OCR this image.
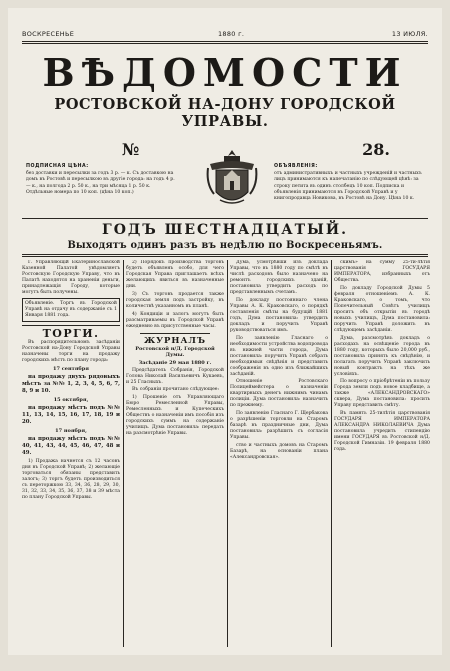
ВОСКРЕСЕНЬЕ	1880 г.	13 ИЮЛЯ.
ВѢДОМОСТИ
РОСТОВСКОЙ НА-ДОНУ ГОРОДСКОЙ УПРАВЫ.
№	28.
ПОДПИСНАЯ ЦѢНА:
без доставки и пересылки за годъ 3 р. — к. Съ доставкою на домъ въ Ростовѣ и пересылкою въ другіе города: на годъ 4 р. — к., на полгода 2 р. 50 к., на три мѣсяца 1 р. 50 к. Отдѣльные номера по 10 коп. (цѣна 10 коп.)
ОБЪЯВЛЕНІЯ:
отъ административныхъ и частныхъ учрежденій и частныхъ лицъ принимаются къ напечатанію по слѣдующей цѣнѣ: за строку петита въ одинъ столбецъ 10 коп. Подписка и объявленія принимаются въ Городской Управѣ и у книгопродавца Новикова, въ Ростовѣ на Дону. Цѣна 10 к.
ГОДЪ ШЕСТНАДЦАТЫЙ.
Выходятъ одинъ разъ въ недѣлю по Воскресеньямъ.

Г. Управляющій Екатеринославской Казенной Палатой увѣдомляетъ Ростовскую Городскую Управу, что въ Палатѣ находятся на храненіи деньги, принадлежащія Городу, которые могутъ быть получены.

Объявленіе. Торгъ въ Городской Управѣ на отдачу въ содержаніе съ 1 Января 1881 года.
ТОРГИ.

Въ распорядительномъ засѣданіи Ростовской на-Дону Городской Управы назначены торги на продажу городскихъ мѣстъ по плану города:

17 сентября

на продажу двухъ рядовыхъ мѣстъ за №№ 1, 2, 3, 4, 5, 6, 7, 8, 9 и 10.

15 октября,

на продажу мѣстъ подъ №№ 11, 13, 14, 15, 16, 17, 18, 19 и 20.

17 ноября,

на продажу мѣстъ подъ №№ 40, 41, 43, 44, 45, 46, 47, 48 и 49.

1) Продажа начнется съ 12 часовъ дня въ Городской Управѣ; 2) желающіе торговаться обязаны представить залогъ; 3) торгъ будетъ производиться съ переторжкою 33, 34, 36, 28, 29, 30, 31, 32, 33, 34, 35, 36, 37, 38 и 39 мѣста по плану Городской Управы.

2) Порядокъ производства торговъ будетъ объявленъ особо, для чего Городская Управа приглашаетъ всѣхъ желающихъ явиться въ назначенные дни.

3) Съ торговъ продается также городская земля подъ застройку, въ количествѣ указанномъ въ планѣ.

4) Кондиціи и залогъ могутъ быть разсматриваемы въ Городской Управѣ ежедневно въ присутственные часы.

ЖУРНАЛЪ
Ростовской н/Д. Городской Думы.
Засѣданіе 29 мая 1880 г.

Предсѣдатель Собранія, Городской Голова Николай Васильевичъ Кукаевъ, и 25 Гласныхъ.

Въ собраніи прочитано слѣдующее:

1) Прошеніе отъ Управляющаго Бюро Ремесленной Управы, Ремесленныхъ и Купеческихъ Обществъ о назначеніи имъ пособія изъ городскихъ суммъ на содержаніе училищъ. Дума постановила: передать на разсмотрѣніе Управы.

Дума, усмотрѣвши изъ доклада Управы, что въ 1880 году по смѣтѣ въ числѣ расходовъ было назначено на ремонтъ городскихъ зданій, постановила утвердить расходъ по представленнымъ счетамъ.

По докладу постояннаго члена Управы А. К. Краковскаго, о порядкѣ составленія смѣты на будущій 1881 годъ, Дума постановила: утвердить докладъ и поручить Управѣ руководствоваться имъ.

По заявленію Гласнаго о необходимости устройства водопровода въ нижней части города, Дума постановила: поручить Управѣ собрать необходимыя свѣдѣнія и представить соображенія въ одно изъ ближайшихъ засѣданій.

Отношеніе Ростовскаго Полицеймейстера о назначеніи квартирныхъ денегъ нижнимъ чинамъ полиціи. Дума постановила: назначить по прежнему.

По заявленію Гласнаго Г. Щербакова о разрѣшеніи торговли на Старомъ базарѣ въ праздничные дни, Дума постановила: разрѣшить съ согласія Управы.

ство и частныхъ домовъ на Старомъ Базарѣ, на основаніи плана «Александровская».

скимъ» на сумму 25-ти-лѣтія царствованія ГОСУДАРЯ ИМПЕРАТОРА, избранныхъ отъ Общества.

По докладу Городской Думы 5 февраля отношеніемъ А. К. Краковскаго, о томъ, что Попечительный Совѣтъ училищъ проситъ объ открытіи въ городѣ новыхъ училищъ, Дума постановила: поручить Управѣ доложить въ слѣдующемъ засѣданіи.

Дума, разсмотрѣвъ докладъ о расходахъ на освѣщеніе города въ 1880 году, которыхъ было 20,000 руб., постановила принять къ свѣдѣнію, и полагать поручить Управѣ заключить новый контрактъ на тѣхъ же условіяхъ.

По вопросу о пріобрѣтеніи въ пользу Города земли подъ новое кладбище, а также «АЛЕКСАНДРОВСКАГО» сквера, Дума постановила: просить Управу представить смѣту.

Въ память 25-тилѣтія царствованія ГОСУДАРЯ ИМПЕРАТОРА АЛЕКСАНДРА НИКОЛАЕВИЧА Дума постановила учредить стипендію имени ГОСУДАРЯ въ Ростовской н/Д. Городской Гимназіи. 19 февраля 1880 года.
